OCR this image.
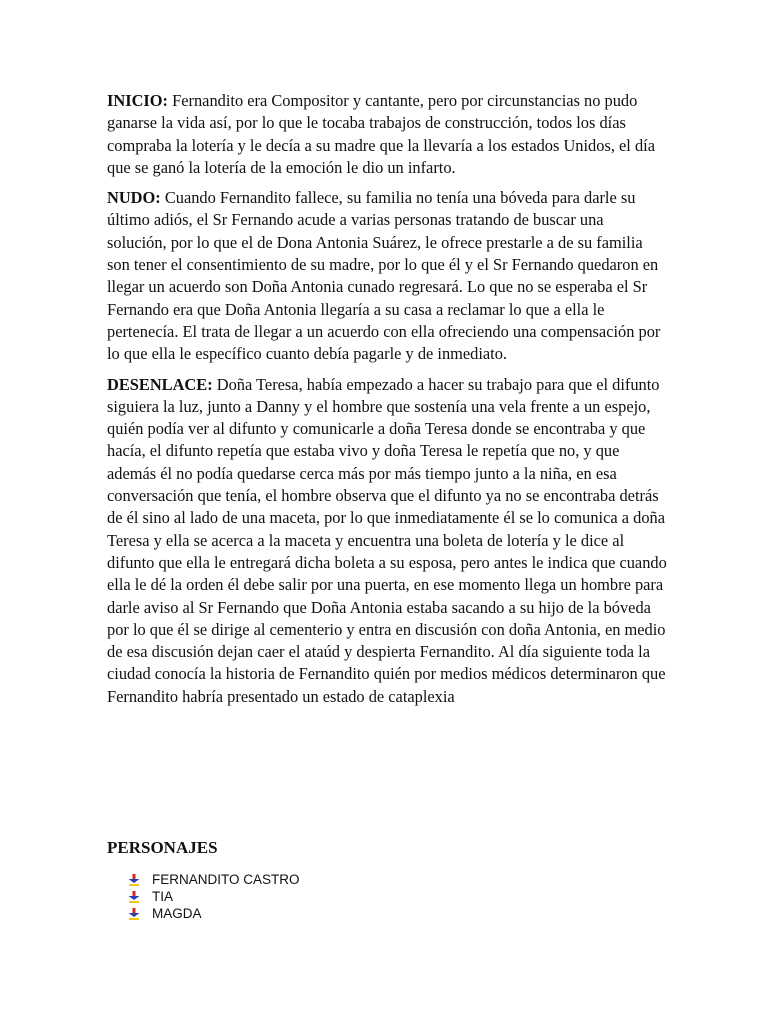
INICIO: Fernandito era Compositor y cantante, pero por circunstancias no pudo ganarse la vida así, por lo que le tocaba trabajos de construcción, todos los días compraba la lotería y le decía a su madre que la llevaría a los estados Unidos, el día que se ganó la lotería de la emoción le dio un infarto.

NUDO: Cuando Fernandito fallece, su familia no tenía una bóveda para darle su último adiós, el Sr Fernando acude a varias personas tratando de buscar una solución, por lo que el de Dona Antonia Suárez, le ofrece prestarle a de su familia son tener el consentimiento de su madre, por lo que él y el Sr Fernando quedaron en llegar un acuerdo son Doña Antonia cunado regresará. Lo que no se esperaba el Sr Fernando era que Doña Antonia llegaría a su casa a reclamar lo que a ella le pertenecía. El trata de llegar a un acuerdo con ella ofreciendo una compensación por lo que ella le específico cuanto debía pagarle y de inmediato.

DESENLACE: Doña Teresa, había empezado a hacer su trabajo para que el difunto siguiera la luz, junto a Danny y el hombre que sostenía una vela frente a un espejo, quién podía ver al difunto y comunicarle a doña Teresa donde se encontraba y que hacía, el difunto repetía que estaba vivo y doña Teresa le repetía que no, y que además él no podía quedarse cerca más por más tiempo junto a la niña, en esa conversación que tenía, el hombre observa que el difunto ya no se encontraba detrás de él sino al lado de una maceta, por lo que inmediatamente él se lo comunica a doña Teresa y ella se acerca a la maceta y encuentra una boleta de lotería y le dice al difunto que ella le entregará dicha boleta a su esposa, pero antes le indica que cuando ella le dé la orden él debe salir por una puerta, en ese momento llega un hombre para darle aviso al Sr Fernando que Doña Antonia estaba sacando a su hijo de la bóveda por lo que él se dirige al cementerio y entra en discusión con doña Antonia, en medio de esa discusión dejan caer el ataúd y despierta Fernandito. Al día siguiente toda la ciudad conocía la historia de Fernandito quién por medios médicos determinaron que Fernandito habría presentado un estado de cataplexia

PERSONAJES
FERNANDITO CASTRO
TIA
MAGDA
